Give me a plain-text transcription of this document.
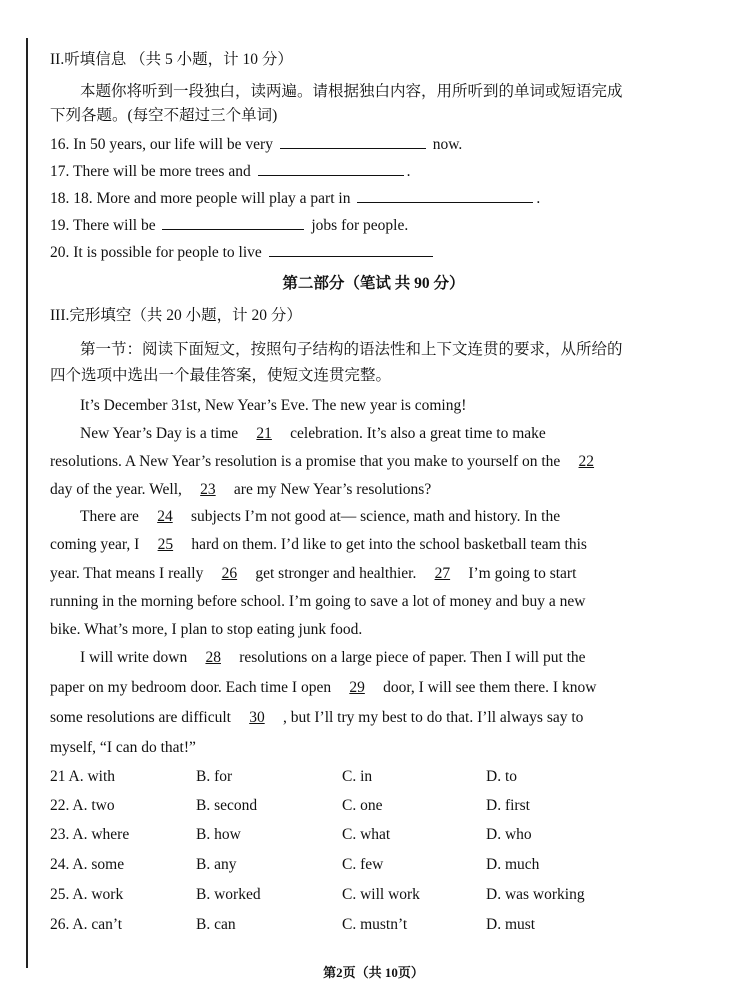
II.听填信息 （共 5 小题，计 10 分）
本题你将听到一段独白，读两遍。请根据独白内容，用所听到的单词或短语完成
下列各题。(每空不超过三个单词)
16. In 50 years, our life will be very	now.
17. There will be more trees and	.
18. 18. More and more people will play a part in	.
19. There will be	jobs for people.
20. It is possible for people to live
第二部分（笔试 共 90 分）
III.完形填空（共 20 小题，计 20 分）
第一节：阅读下面短文，按照句子结构的语法性和上下文连贯的要求，从所给的
四个选项中选出一个最佳答案，使短文连贯完整。
It’s December 31st, New Year’s Eve. The new year is coming!
New Year’s Day is a time 21 celebration. It’s also a great time to make
resolutions. A New Year’s resolution is a promise that you make to yourself on the 22
day of the year. Well, 23 are my New Year’s resolutions?
There are 24 subjects I’m not good at— science, math and history. In the
coming year, I 25 hard on them. I’d like to get into the school basketball team this
year. That means I really 26 get stronger and healthier. 27 I’m going to start
running in the morning before school. I’m going to save a lot of money and buy a new
bike. What’s more, I plan to stop eating junk food.
I will write down 28 resolutions on a large piece of paper. Then I will put the
paper on my bedroom door. Each time I open 29 door, I will see them there. I know
some resolutions are difficult 30 , but I’ll try my best to do that. I’ll always say to
myself, “I can do that!”
21 A. with	B. for	C. in	D. to
22. A. two	B. second	C. one	D. first
23. A. where	B. how	C. what	D. who
24. A. some	B. any	C. few	D. much
25. A. work	B. worked	C. will work	D. was working
26. A. can’t	B. can	C. mustn’t	D. must
第2页（共 10页）
